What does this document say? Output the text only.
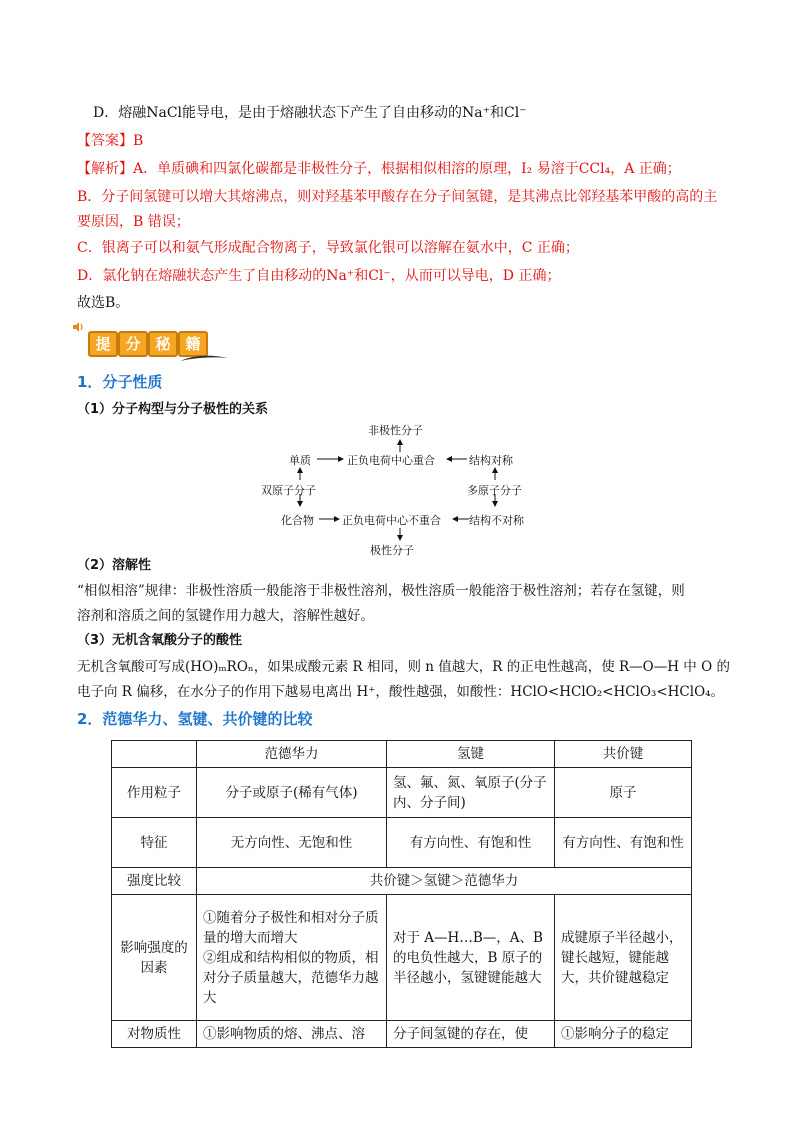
D．熔融NaCl能导电，是由于熔融状态下产生了自由移动的Na⁺和Cl⁻
【答案】B
【解析】A．单质碘和四氯化碳都是非极性分子，根据相似相溶的原理，I₂ 易溶于CCl₄，A 正确；
B．分子间氢键可以增大其熔沸点，则对羟基苯甲酸存在分子间氢键，是其沸点比邻羟基苯甲酸的高的主
要原因，B 错误；
C．银离子可以和氨气形成配合物离子，导致氯化银可以溶解在氨水中，C 正确；
D．氯化钠在熔融状态产生了自由移动的Na⁺和Cl⁻，从而可以导电，D 正确；
故选B。
提 分 秘 籍
1．分子性质
（1）分子构型与分子极性的关系
非极性分子
单质	正负电荷中心重合	结构对称
双原子分子	多原子分子
化合物	正负电荷中心不重合	结构不对称
极性分子
（2）溶解性
“相似相溶”规律：非极性溶质一般能溶于非极性溶剂，极性溶质一般能溶于极性溶剂；若存在氢键，则
溶剂和溶质之间的氢键作用力越大，溶解性越好。
（3）无机含氧酸分子的酸性
无机含氧酸可写成(HO)ₘROₙ，如果成酸元素 R 相同，则 n 值越大，R 的正电性越高，使 R—O—H 中 O 的
电子向 R 偏移，在水分子的作用下越易电离出 H⁺，酸性越强，如酸性：HClO<HClO₂<HClO₃<HClO₄。
2．范德华力、氢键、共价键的比较
	范德华力	氢键	共价键
作用粒子	分子或原子(稀有气体)	氢、氟、氮、氧原子(分子内、分子间)	原子
特征	无方向性、无饱和性	有方向性、有饱和性	有方向性、有饱和性
强度比较	共价键＞氢键＞范德华力		
影响强度的因素	①随着分子极性和相对分子质量的增大而增大
②组成和结构相似的物质，相对分子质量越大，范德华力越大	对于 A—H…B—，A、B 的电负性越大，B 原子的半径越小，氢键键能越大	成键原子半径越小，键长越短，键能越大，共价键越稳定
对物质性	①影响物质的熔、沸点、溶	分子间氢键的存在，使	①影响分子的稳定
